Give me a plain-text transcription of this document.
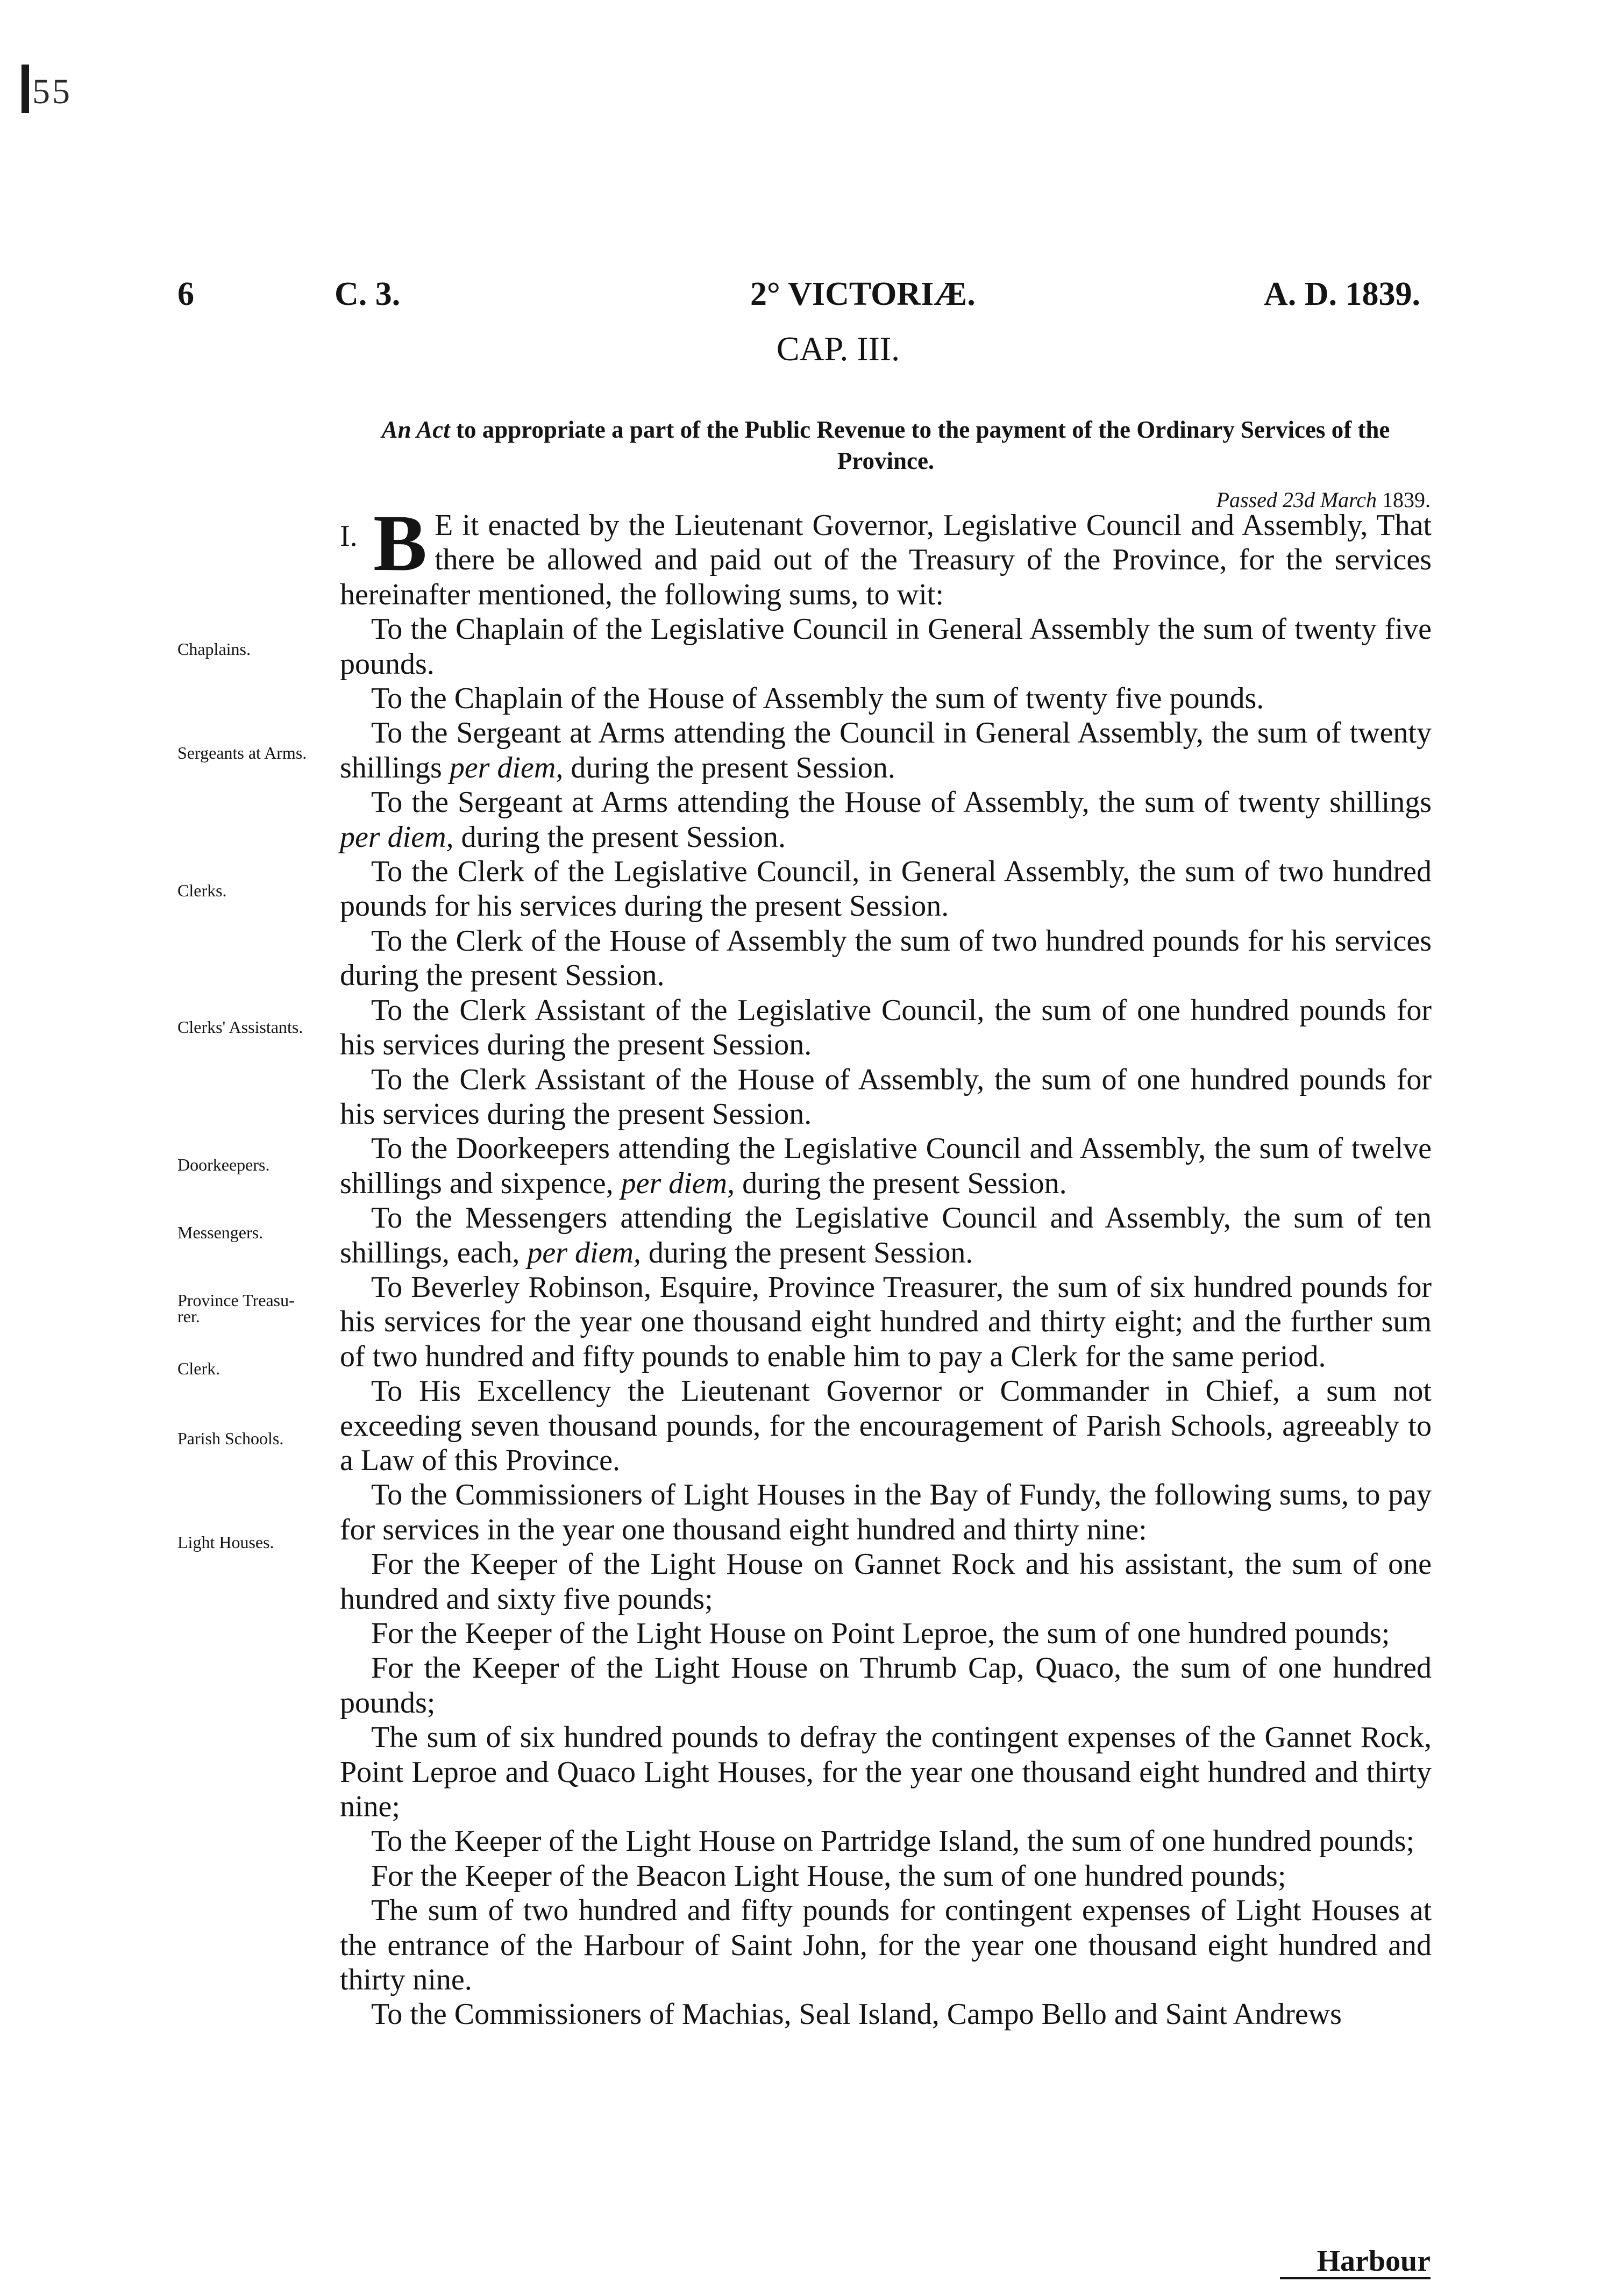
55
6	C. 3.	2° VICTORIÆ.	A. D. 1839.
CAP. III.
An Act to appropriate a part of the Public Revenue to the payment of the Ordinary Services of the Province.
Passed 23d March 1839.

I. B E it enacted by the Lieutenant Governor, Legislative Council and Assembly, That there be allowed and paid out of the Treasury of the Province, for the services hereinafter mentioned, the following sums, to wit:

To the Chaplain of the Legislative Council in General Assembly the sum of twenty five pounds.

To the Chaplain of the House of Assembly the sum of twenty five pounds.

To the Sergeant at Arms attending the Council in General Assembly, the sum of twenty shillings per diem, during the present Session.

To the Sergeant at Arms attending the House of Assembly, the sum of twenty shillings per diem, during the present Session.

To the Clerk of the Legislative Council, in General Assembly, the sum of two hundred pounds for his services during the present Session.

To the Clerk of the House of Assembly the sum of two hundred pounds for his services during the present Session.

To the Clerk Assistant of the Legislative Council, the sum of one hundred pounds for his services during the present Session.

To the Clerk Assistant of the House of Assembly, the sum of one hundred pounds for his services during the present Session.

To the Doorkeepers attending the Legislative Council and Assembly, the sum of twelve shillings and sixpence, per diem, during the present Session.

To the Messengers attending the Legislative Council and Assembly, the sum of ten shillings, each, per diem, during the present Session.

To Beverley Robinson, Esquire, Province Treasurer, the sum of six hundred pounds for his services for the year one thousand eight hundred and thirty eight; and the further sum of two hundred and fifty pounds to enable him to pay a Clerk for the same period.

To His Excellency the Lieutenant Governor or Commander in Chief, a sum not exceeding seven thousand pounds, for the encouragement of Parish Schools, agreeably to a Law of this Province.

To the Commissioners of Light Houses in the Bay of Fundy, the following sums, to pay for services in the year one thousand eight hundred and thirty nine:

For the Keeper of the Light House on Gannet Rock and his assistant, the sum of one hundred and sixty five pounds;

For the Keeper of the Light House on Point Leproe, the sum of one hundred pounds;

For the Keeper of the Light House on Thrumb Cap, Quaco, the sum of one hundred pounds;

The sum of six hundred pounds to defray the contingent expenses of the Gannet Rock, Point Leproe and Quaco Light Houses, for the year one thousand eight hundred and thirty nine;

To the Keeper of the Light House on Partridge Island, the sum of one hundred pounds;

For the Keeper of the Beacon Light House, the sum of one hundred pounds;

The sum of two hundred and fifty pounds for contingent expenses of Light Houses at the entrance of the Harbour of Saint John, for the year one thousand eight hundred and thirty nine.

To the Commissioners of Machias, Seal Island, Campo Bello and Saint Andrews

Chaplains.
Sergeants at Arms.
Clerks.
Clerks' Assistants.
Doorkeepers.
Messengers.
Province Treasu-
rer.
Clerk.
Parish Schools.
Light Houses.
Harbour
